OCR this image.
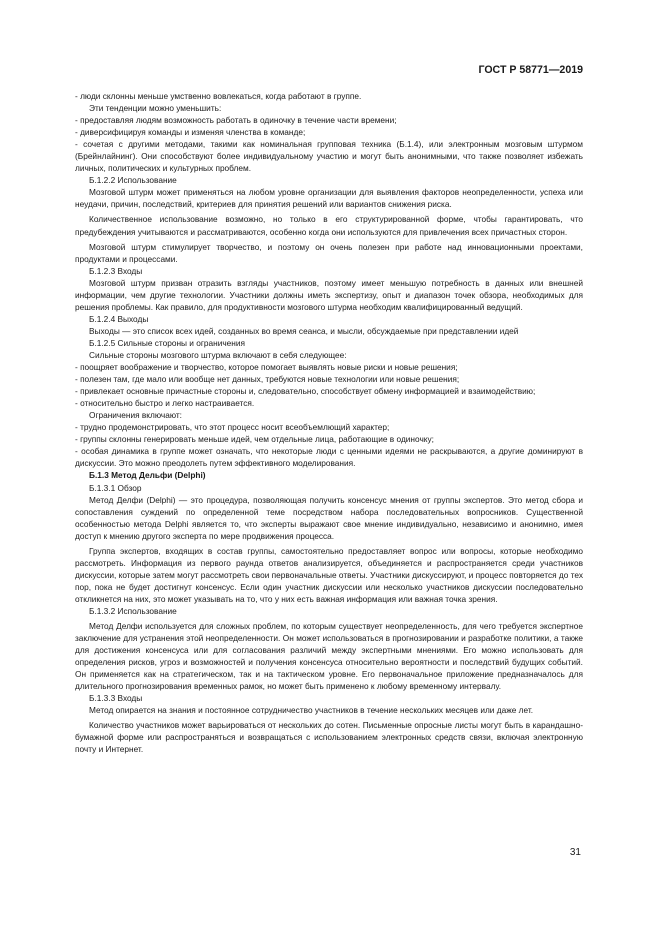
ГОСТ Р 58771—2019

- люди склонны меньше умственно вовлекаться, когда работают в группе.

Эти тенденции можно уменьшить:

- предоставляя людям возможность работать в одиночку в течение части времени;

- диверсифицируя команды и изменяя членства в команде;

- сочетая с другими методами, такими как номинальная групповая техника (Б.1.4), или электронным мозговым штурмом (Брейнлайнинг). Они способствуют более индивидуальному участию и могут быть анонимными, что также позволяет избежать личных, политических и культурных проблем.

Б.1.2.2 Использование

Мозговой штурм может применяться на любом уровне организации для выявления факторов неопределенности, успеха или неудачи, причин, последствий, критериев для принятия решений или вариантов снижения риска.

Количественное использование возможно, но только в его структурированной форме, чтобы гарантировать, что предубеждения учитываются и рассматриваются, особенно когда они используются для привлечения всех причастных сторон.

Мозговой штурм стимулирует творчество, и поэтому он очень полезен при работе над инновационными проектами, продуктами и процессами.

Б.1.2.3 Входы

Мозговой штурм призван отразить взгляды участников, поэтому имеет меньшую потребность в данных или внешней информации, чем другие технологии. Участники должны иметь экспертизу, опыт и диапазон точек обзора, необходимых для решения проблемы. Как правило, для продуктивности мозгового штурма необходим квалифицированный ведущий.

Б.1.2.4 Выходы

Выходы — это список всех идей, созданных во время сеанса, и мысли, обсуждаемые при представлении идей

Б.1.2.5 Сильные стороны и ограничения

Сильные стороны мозгового штурма включают в себя следующее:

- поощряет воображение и творчество, которое помогает выявлять новые риски и новые решения;

- полезен там, где мало или вообще нет данных, требуются новые технологии или новые решения;

- привлекает основные причастные стороны и, следовательно, способствует обмену информацией и взаимодействию;

- относительно быстро и легко настраивается.

Ограничения включают:

- трудно продемонстрировать, что этот процесс носит всеобъемлющий характер;

- группы склонны генерировать меньше идей, чем отдельные лица, работающие в одиночку;

- особая динамика в группе может означать, что некоторые люди с ценными идеями не раскрываются, а другие доминируют в дискуссии. Это можно преодолеть путем эффективного моделирования.

Б.1.3 Метод Дельфи (Delphi)

Б.1.3.1 Обзор

Метод Делфи (Delphi) — это процедура, позволяющая получить консенсус мнения от группы экспертов. Это метод сбора и сопоставления суждений по определенной теме посредством набора последовательных вопросников. Существенной особенностью метода Delphi является то, что эксперты выражают свое мнение индивидуально, независимо и анонимно, имея доступ к мнению другого эксперта по мере продвижения процесса.

Группа экспертов, входящих в состав группы, самостоятельно предоставляет вопрос или вопросы, которые необходимо рассмотреть. Информация из первого раунда ответов анализируется, объединяется и распространяется среди участников дискуссии, которые затем могут рассмотреть свои первоначальные ответы. Участники дискуссируют, и процесс повторяется до тех пор, пока не будет достигнут консенсус. Если один участник дискуссии или несколько участников дискуссии последовательно откликнется на них, это может указывать на то, что у них есть важная информация или важная точка зрения.

Б.1.3.2 Использование

Метод Делфи используется для сложных проблем, по которым существует неопределенность, для чего требуется экспертное заключение для устранения этой неопределенности. Он может использоваться в прогнозировании и разработке политики, а также для достижения консенсуса или для согласования различий между экспертными мнениями. Его можно использовать для определения рисков, угроз и возможностей и получения консенсуса относительно вероятности и последствий будущих событий. Он применяется как на стратегическом, так и на тактическом уровне. Его первоначальное приложение предназначалось для длительного прогнозирования временных рамок, но может быть применено к любому временному интервалу.

Б.1.3.3 Входы

Метод опирается на знания и постоянное сотрудничество участников в течение нескольких месяцев или даже лет.

Количество участников может варьироваться от нескольких до сотен. Письменные опросные листы могут быть в карандашно-бумажной форме или распространяться и возвращаться с использованием электронных средств связи, включая электронную почту и Интернет.

31
